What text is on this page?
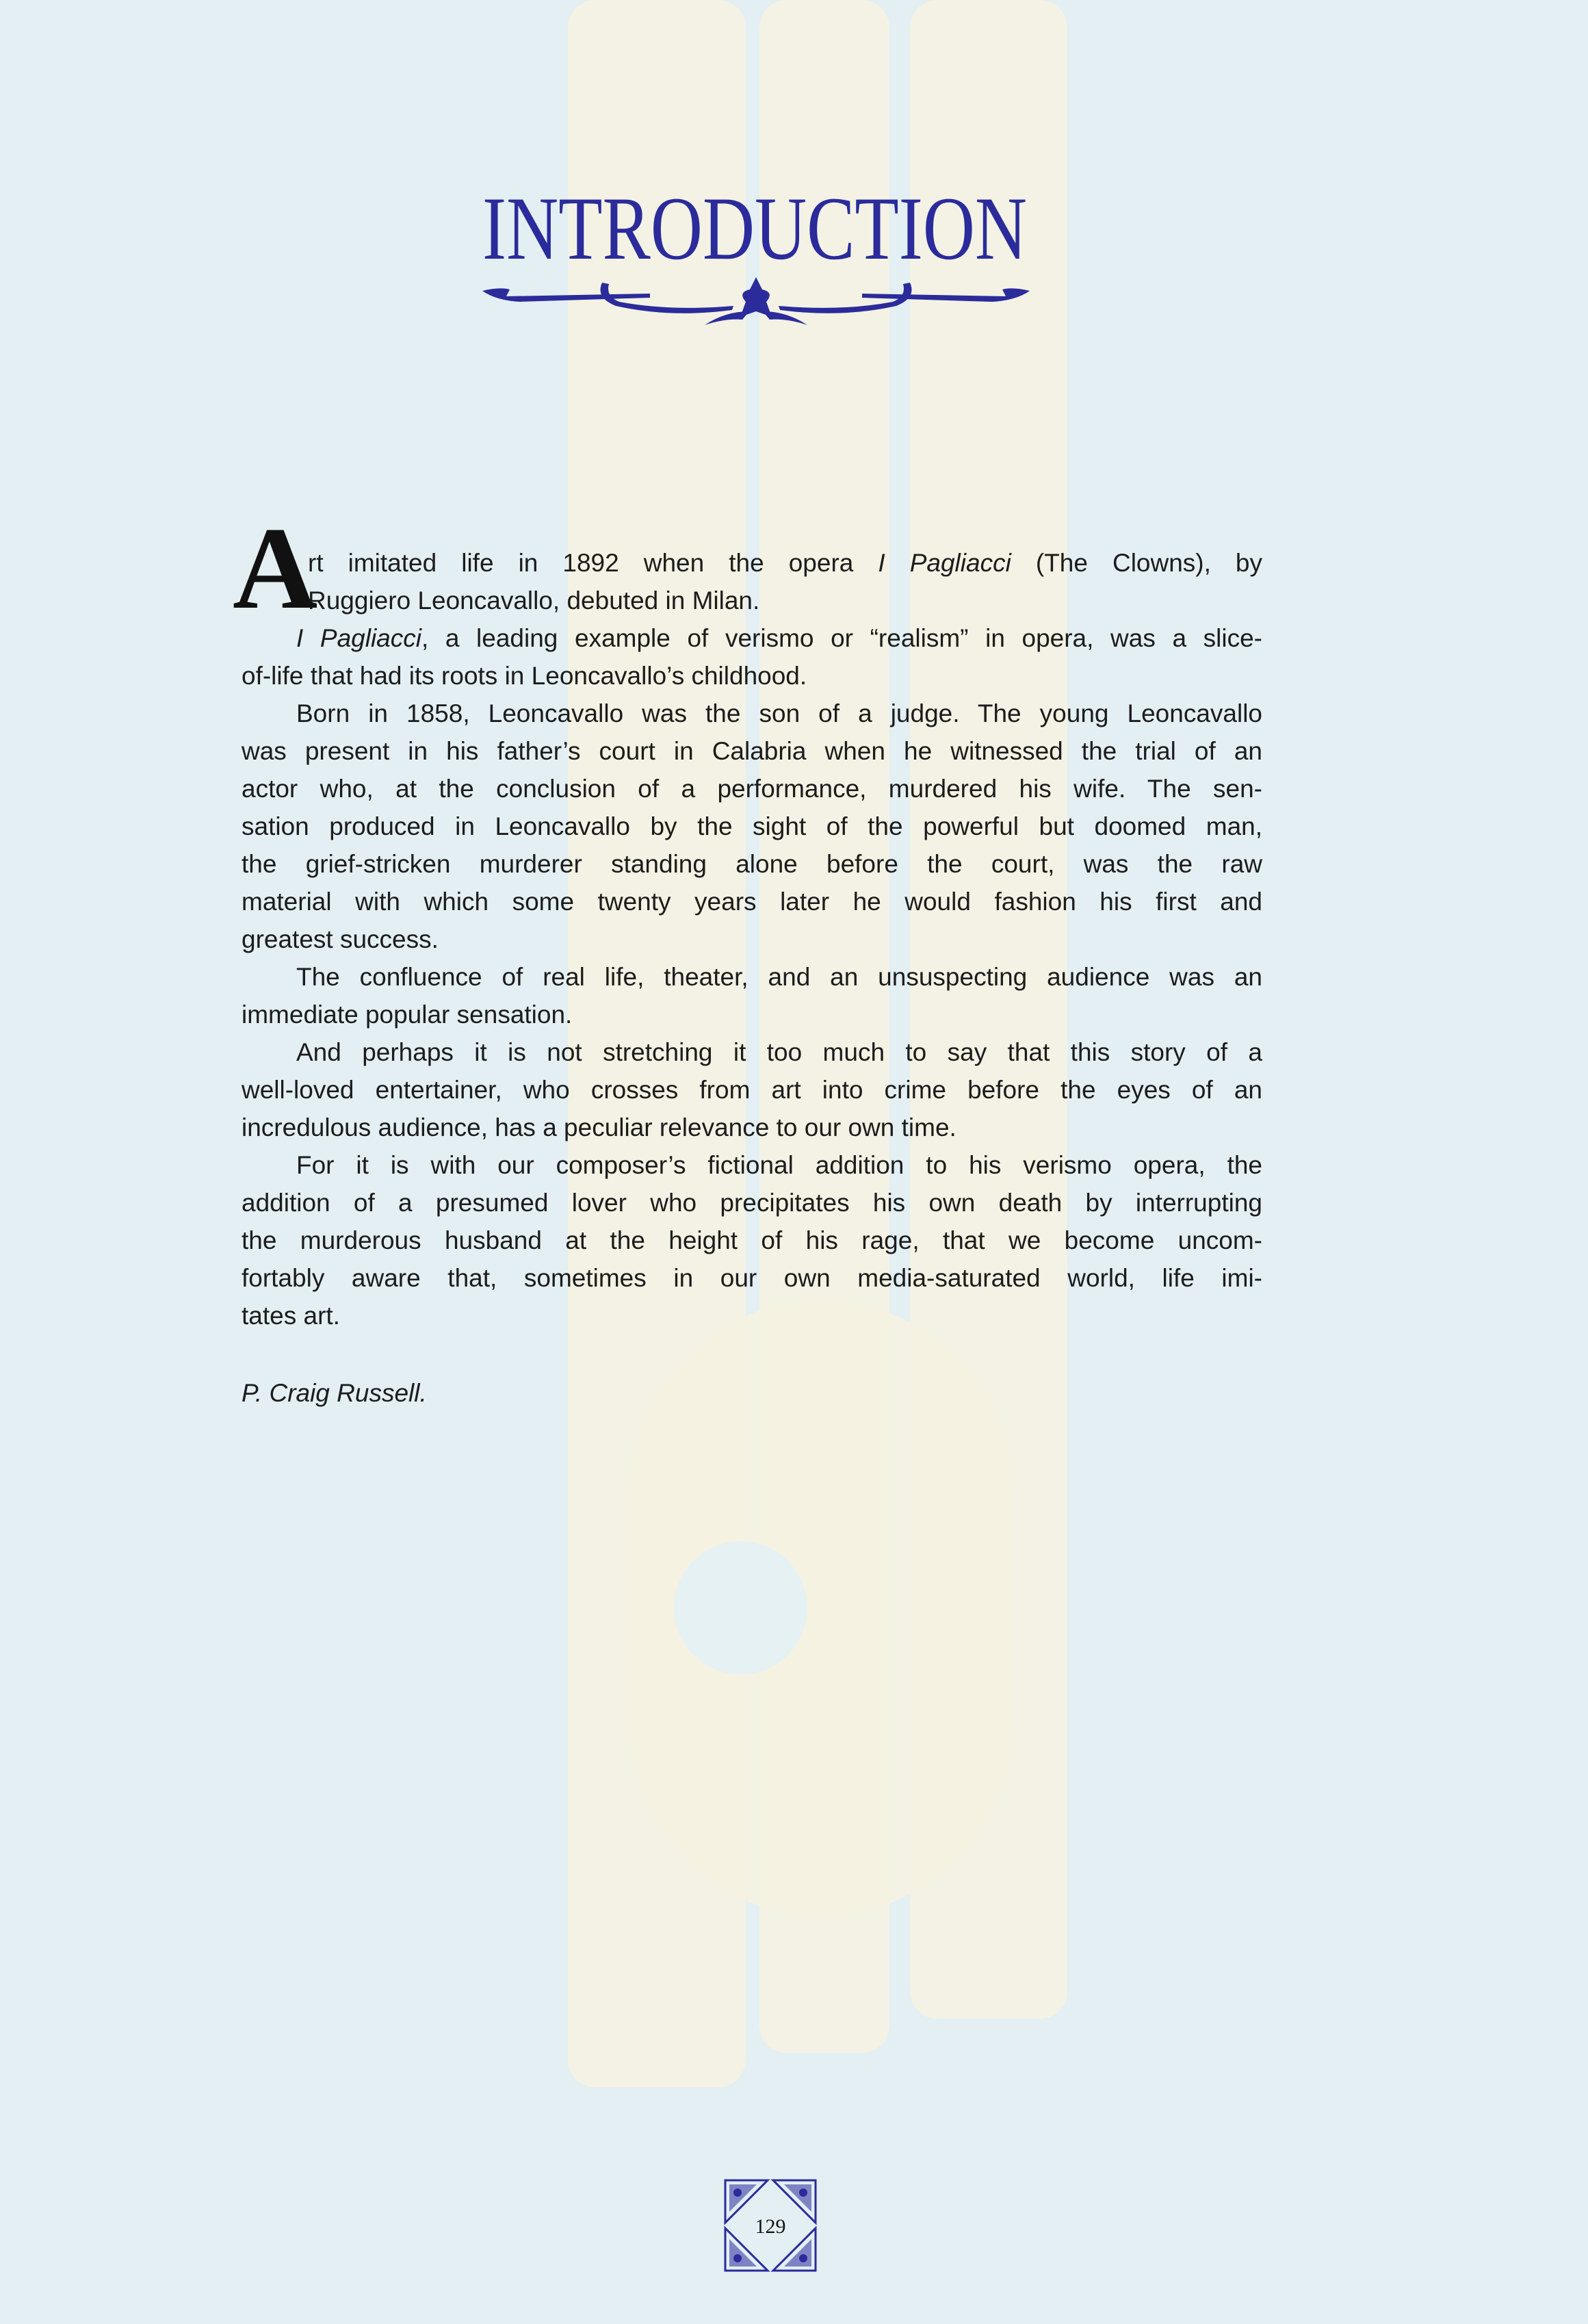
INTRODUCTION
rt imitated life in 1892 when the opera I Pagliacci (The Clowns), by
Ruggiero Leoncavallo, debuted in Milan.
I Pagliacci, a leading example of verismo or “realism” in opera, was a slice-
of-life that had its roots in Leoncavallo’s childhood.
Born in 1858, Leoncavallo was the son of a judge. The young Leoncavallo
was present in his father’s court in Calabria when he witnessed the trial of an
actor who, at the conclusion of a performance, murdered his wife. The sen-
sation produced in Leoncavallo by the sight of the powerful but doomed man,
the grief-stricken murderer standing alone before the court, was the raw
material with which some twenty years later he would fashion his first and
greatest success.
The confluence of real life, theater, and an unsuspecting audience was an
immediate popular sensation.
And perhaps it is not stretching it too much to say that this story of a
well-loved entertainer, who crosses from art into crime before the eyes of an
incredulous audience, has a peculiar relevance to our own time.
For it is with our composer’s fictional addition to his verismo opera, the
addition of a presumed lover who precipitates his own death by interrupting
the murderous husband at the height of his rage, that we become uncom-
fortably aware that, sometimes in our own media-saturated world, life imi-
tates art.
A
P. Craig Russell.
129
